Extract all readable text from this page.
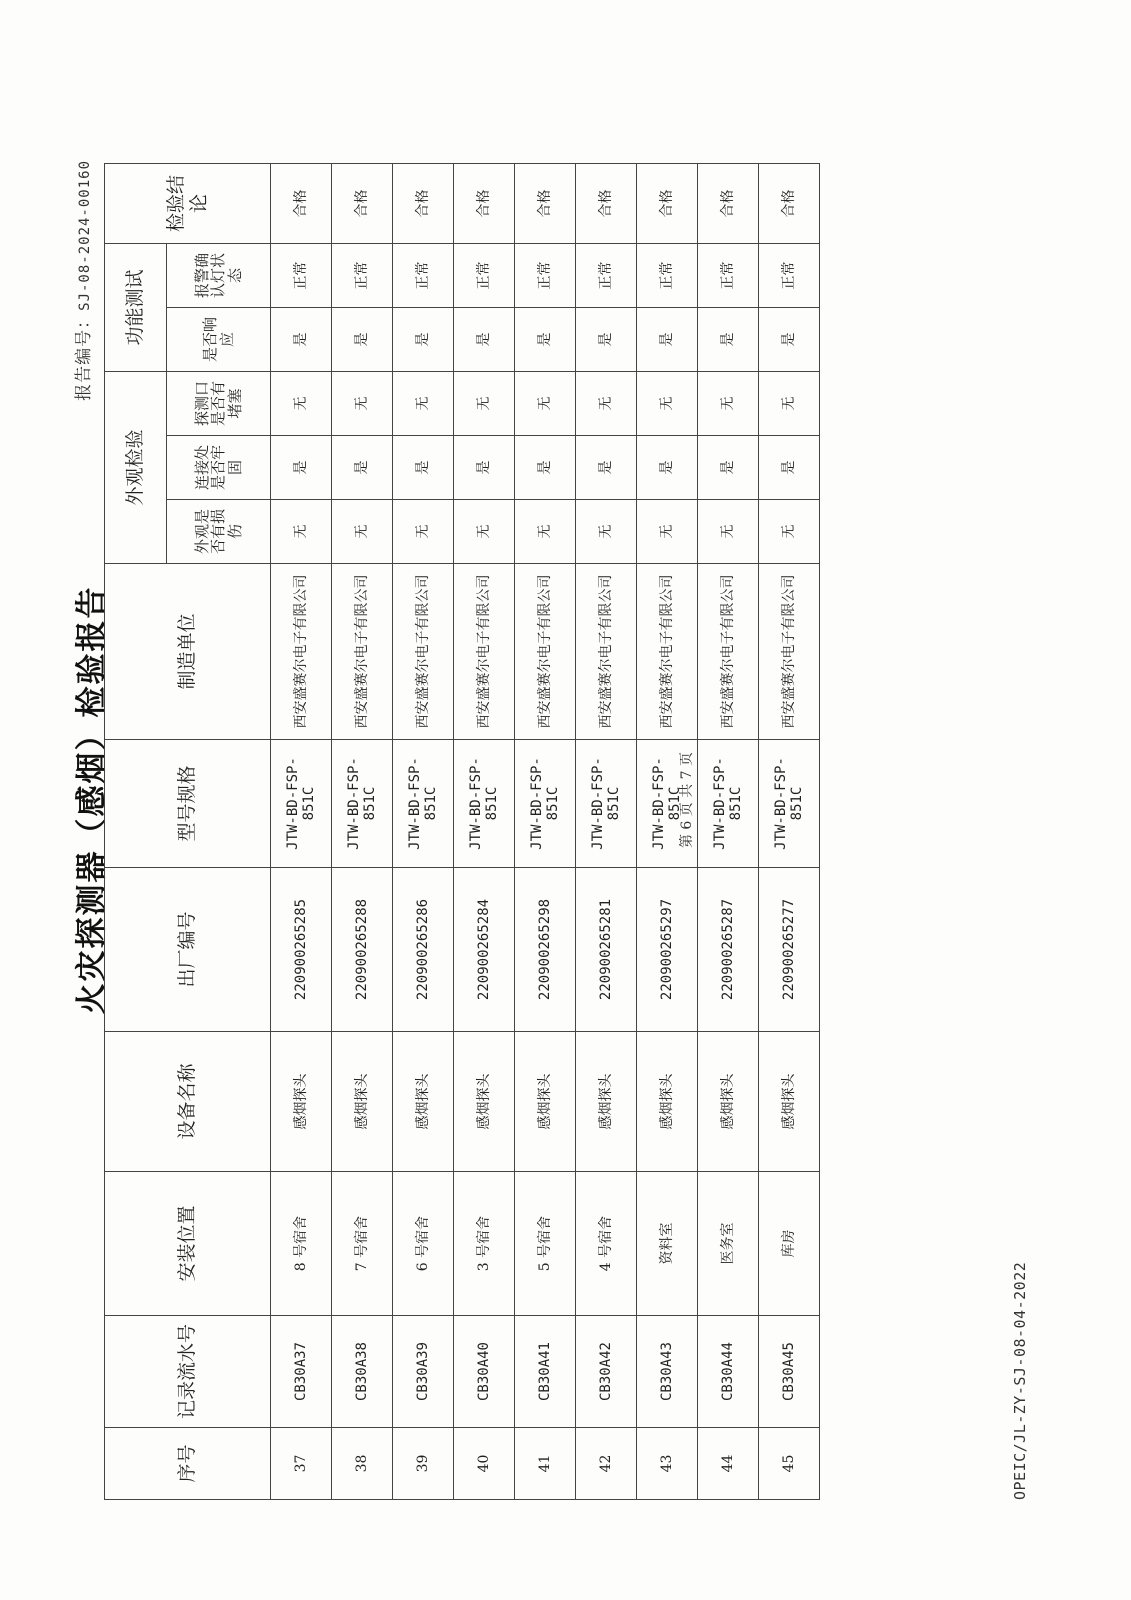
OPEIC/JL-ZY-SJ-08-04-2022
火灾探测器（感烟）检验报告
报告编号：SJ-08-2024-00160
序号	记录流水号	安装位置	设备名称	出厂编号	型号规格	制造单位	外观检验			功能测试		检验结论
							外观是否有损伤	连接处是否牢固	探测口是否有堵塞	是否响应	报警确认灯状态	
37	CB30A37	8 号宿舍	感烟探头	220900265285	JTW-BD-FSP-851C	西安盛赛尔电子有限公司	无	是	无	是	正常	合格
38	CB30A38	7 号宿舍	感烟探头	220900265288	JTW-BD-FSP-851C	西安盛赛尔电子有限公司	无	是	无	是	正常	合格
39	CB30A39	6 号宿舍	感烟探头	220900265286	JTW-BD-FSP-851C	西安盛赛尔电子有限公司	无	是	无	是	正常	合格
40	CB30A40	3 号宿舍	感烟探头	220900265284	JTW-BD-FSP-851C	西安盛赛尔电子有限公司	无	是	无	是	正常	合格
41	CB30A41	5 号宿舍	感烟探头	220900265298	JTW-BD-FSP-851C	西安盛赛尔电子有限公司	无	是	无	是	正常	合格
42	CB30A42	4 号宿舍	感烟探头	220900265281	JTW-BD-FSP-851C	西安盛赛尔电子有限公司	无	是	无	是	正常	合格
43	CB30A43	资料室	感烟探头	220900265297	JTW-BD-FSP-851C	西安盛赛尔电子有限公司	无	是	无	是	正常	合格
44	CB30A44	医务室	感烟探头	220900265287	JTW-BD-FSP-851C	西安盛赛尔电子有限公司	无	是	无	是	正常	合格
45	CB30A45	库房	感烟探头	220900265277	JTW-BD-FSP-851C	西安盛赛尔电子有限公司	无	是	无	是	正常	合格
第 6 页 共 7 页
